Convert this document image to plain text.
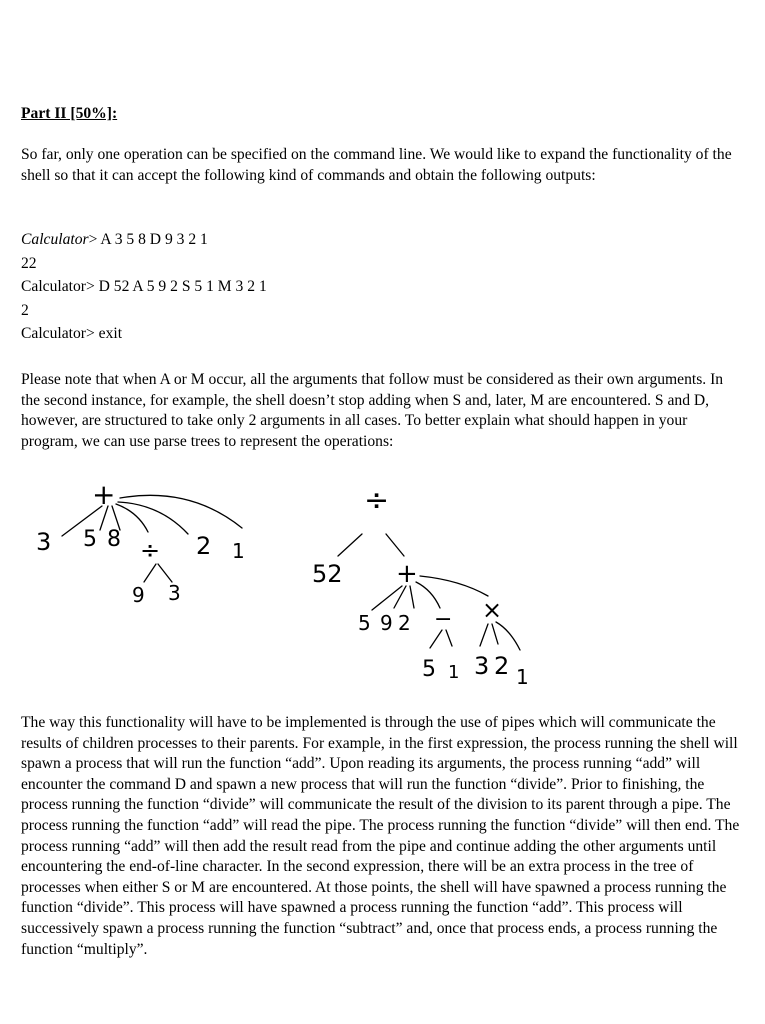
Part II [50%]:

So far, only one operation can be specified on the command line. We would like to expand the functionality of the shell so that it can accept the following kind of commands and obtain the following outputs:

Calculator> A 3 5 8 D 9 3 2 1
22
Calculator> D 52 A 5 9 2 S 5 1 M 3 2 1
2
Calculator> exit

Please note that when A or M occur, all the arguments that follow must be considered as their own arguments. In the second instance, for example, the shell doesn’t stop adding when S and, later, M are encountered. S and D, however, are structured to take only 2 arguments in all cases. To better explain what should happen in your program, we can use parse trees to represent the operations:

+
3 5 8 ÷ 2 1
9 3
÷
52 +
5 9 2 − ×
5 1 3 2 1

The way this functionality will have to be implemented is through the use of pipes which will communicate the results of children processes to their parents. For example, in the first expression, the process running the shell will spawn a process that will run the function “add”. Upon reading its arguments, the process running “add” will encounter the command D and spawn a new process that will run the function “divide”. Prior to finishing, the process running the function “divide” will communicate the result of the division to its parent through a pipe. The process running the function “add” will read the pipe. The process running the function “divide” will then end. The process running “add” will then add the result read from the pipe and continue adding the other arguments until encountering the end-of-line character. In the second expression, there will be an extra process in the tree of processes when either S or M are encountered. At those points, the shell will have spawned a process running the function “divide”. This process will have spawned a process running the function “add”. This process will successively spawn a process running the function “subtract” and, once that process ends, a process running the function “multiply”.
